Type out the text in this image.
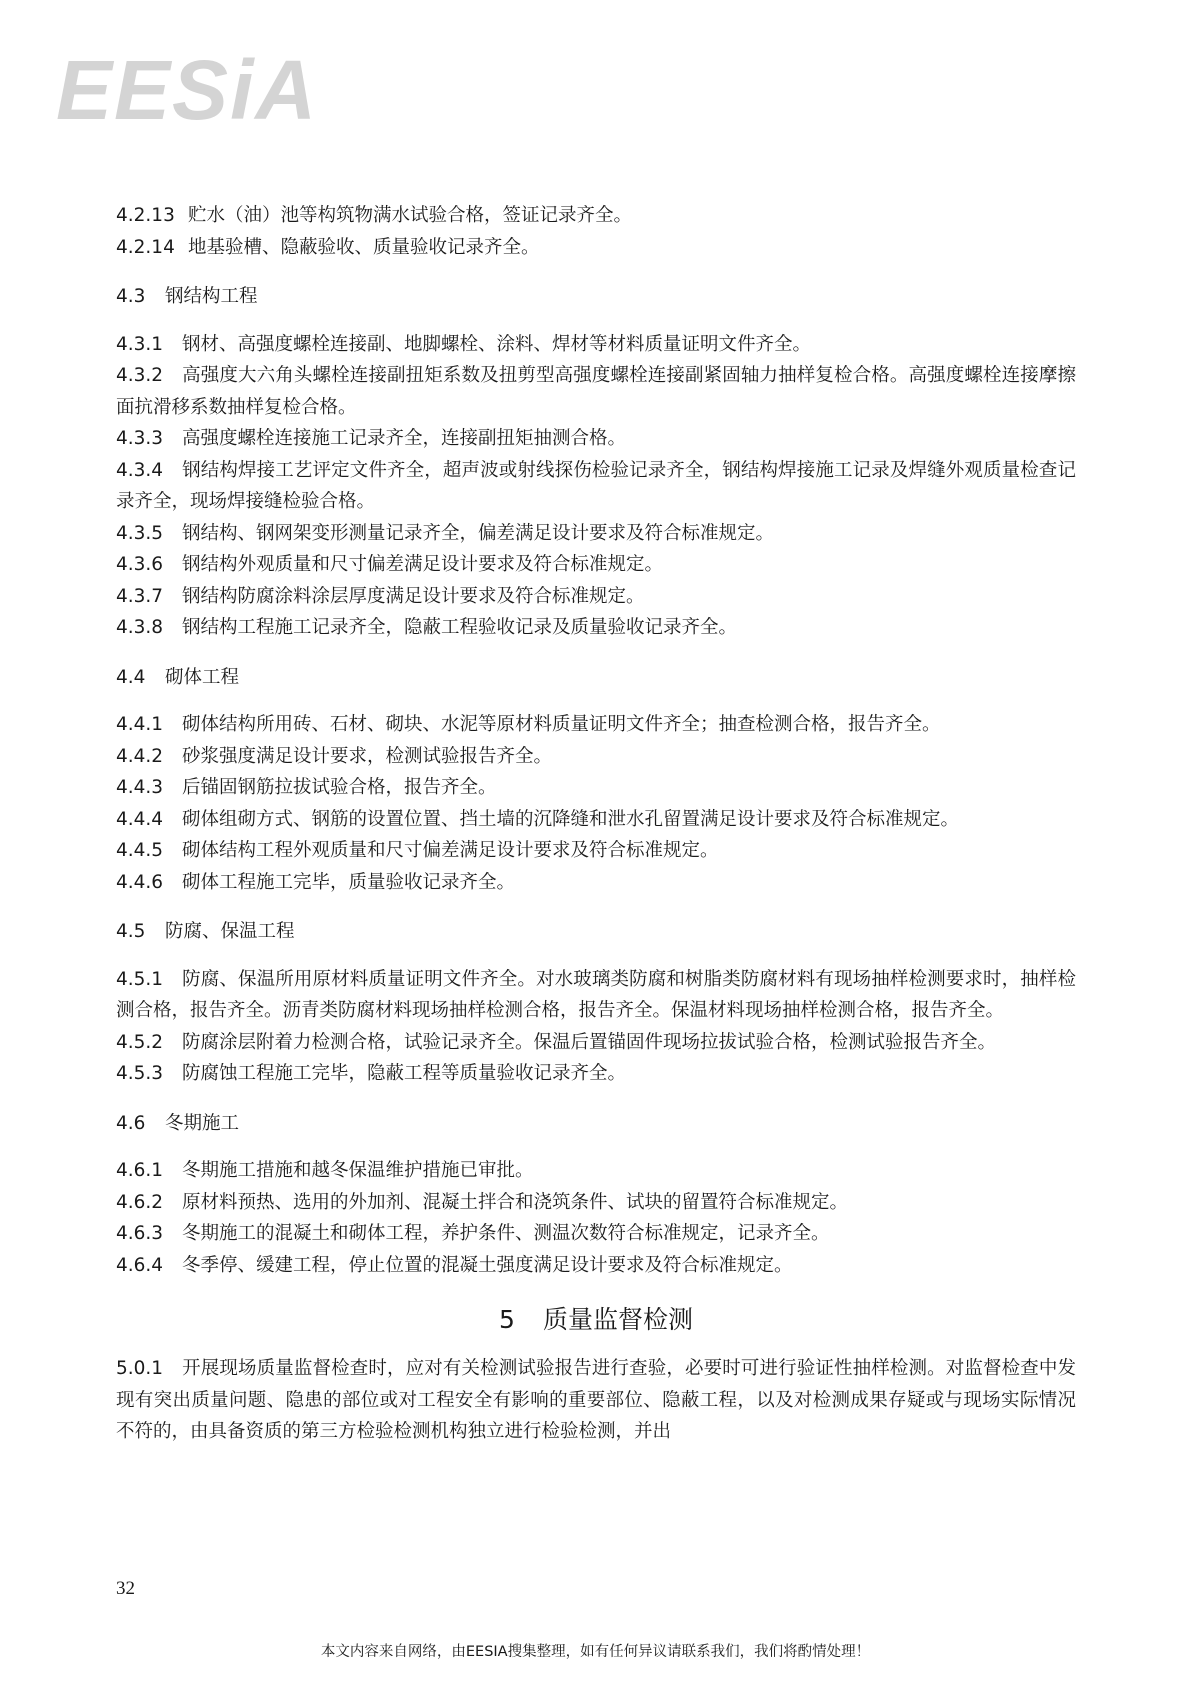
EESiA
4.2.13 贮水（油）池等构筑物满水试验合格，签证记录齐全。
4.2.14 地基验槽、隐蔽验收、质量验收记录齐全。
4.3 钢结构工程
4.3.1 钢材、高强度螺栓连接副、地脚螺栓、涂料、焊材等材料质量证明文件齐全。
4.3.2 高强度大六角头螺栓连接副扭矩系数及扭剪型高强度螺栓连接副紧固轴力抽样复检合格。高强度螺栓连接摩擦面抗滑移系数抽样复检合格。
4.3.3 高强度螺栓连接施工记录齐全，连接副扭矩抽测合格。
4.3.4 钢结构焊接工艺评定文件齐全，超声波或射线探伤检验记录齐全，钢结构焊接施工记录及焊缝外观质量检查记录齐全，现场焊接缝检验合格。
4.3.5 钢结构、钢网架变形测量记录齐全，偏差满足设计要求及符合标准规定。
4.3.6 钢结构外观质量和尺寸偏差满足设计要求及符合标准规定。
4.3.7 钢结构防腐涂料涂层厚度满足设计要求及符合标准规定。
4.3.8 钢结构工程施工记录齐全，隐蔽工程验收记录及质量验收记录齐全。
4.4 砌体工程
4.4.1 砌体结构所用砖、石材、砌块、水泥等原材料质量证明文件齐全；抽查检测合格，报告齐全。
4.4.2 砂浆强度满足设计要求，检测试验报告齐全。
4.4.3 后锚固钢筋拉拔试验合格，报告齐全。
4.4.4 砌体组砌方式、钢筋的设置位置、挡土墙的沉降缝和泄水孔留置满足设计要求及符合标准规定。
4.4.5 砌体结构工程外观质量和尺寸偏差满足设计要求及符合标准规定。
4.4.6 砌体工程施工完毕，质量验收记录齐全。
4.5 防腐、保温工程
4.5.1 防腐、保温所用原材料质量证明文件齐全。对水玻璃类防腐和树脂类防腐材料有现场抽样检测要求时，抽样检测合格，报告齐全。沥青类防腐材料现场抽样检测合格，报告齐全。保温材料现场抽样检测合格，报告齐全。
4.5.2 防腐涂层附着力检测合格，试验记录齐全。保温后置锚固件现场拉拔试验合格，检测试验报告齐全。
4.5.3 防腐蚀工程施工完毕，隐蔽工程等质量验收记录齐全。
4.6 冬期施工
4.6.1 冬期施工措施和越冬保温维护措施已审批。
4.6.2 原材料预热、选用的外加剂、混凝土拌合和浇筑条件、试块的留置符合标准规定。
4.6.3 冬期施工的混凝土和砌体工程，养护条件、测温次数符合标准规定，记录齐全。
4.6.4 冬季停、缓建工程，停止位置的混凝土强度满足设计要求及符合标准规定。
5 质量监督检测
5.0.1 开展现场质量监督检查时，应对有关检测试验报告进行查验，必要时可进行验证性抽样检测。对监督检查中发现有突出质量问题、隐患的部位或对工程安全有影响的重要部位、隐蔽工程，以及对检测成果存疑或与现场实际情况不符的，由具备资质的第三方检验检测机构独立进行检验检测，并出
32
本文内容来自网络，由EESIA搜集整理，如有任何异议请联系我们，我们将酌情处理！
